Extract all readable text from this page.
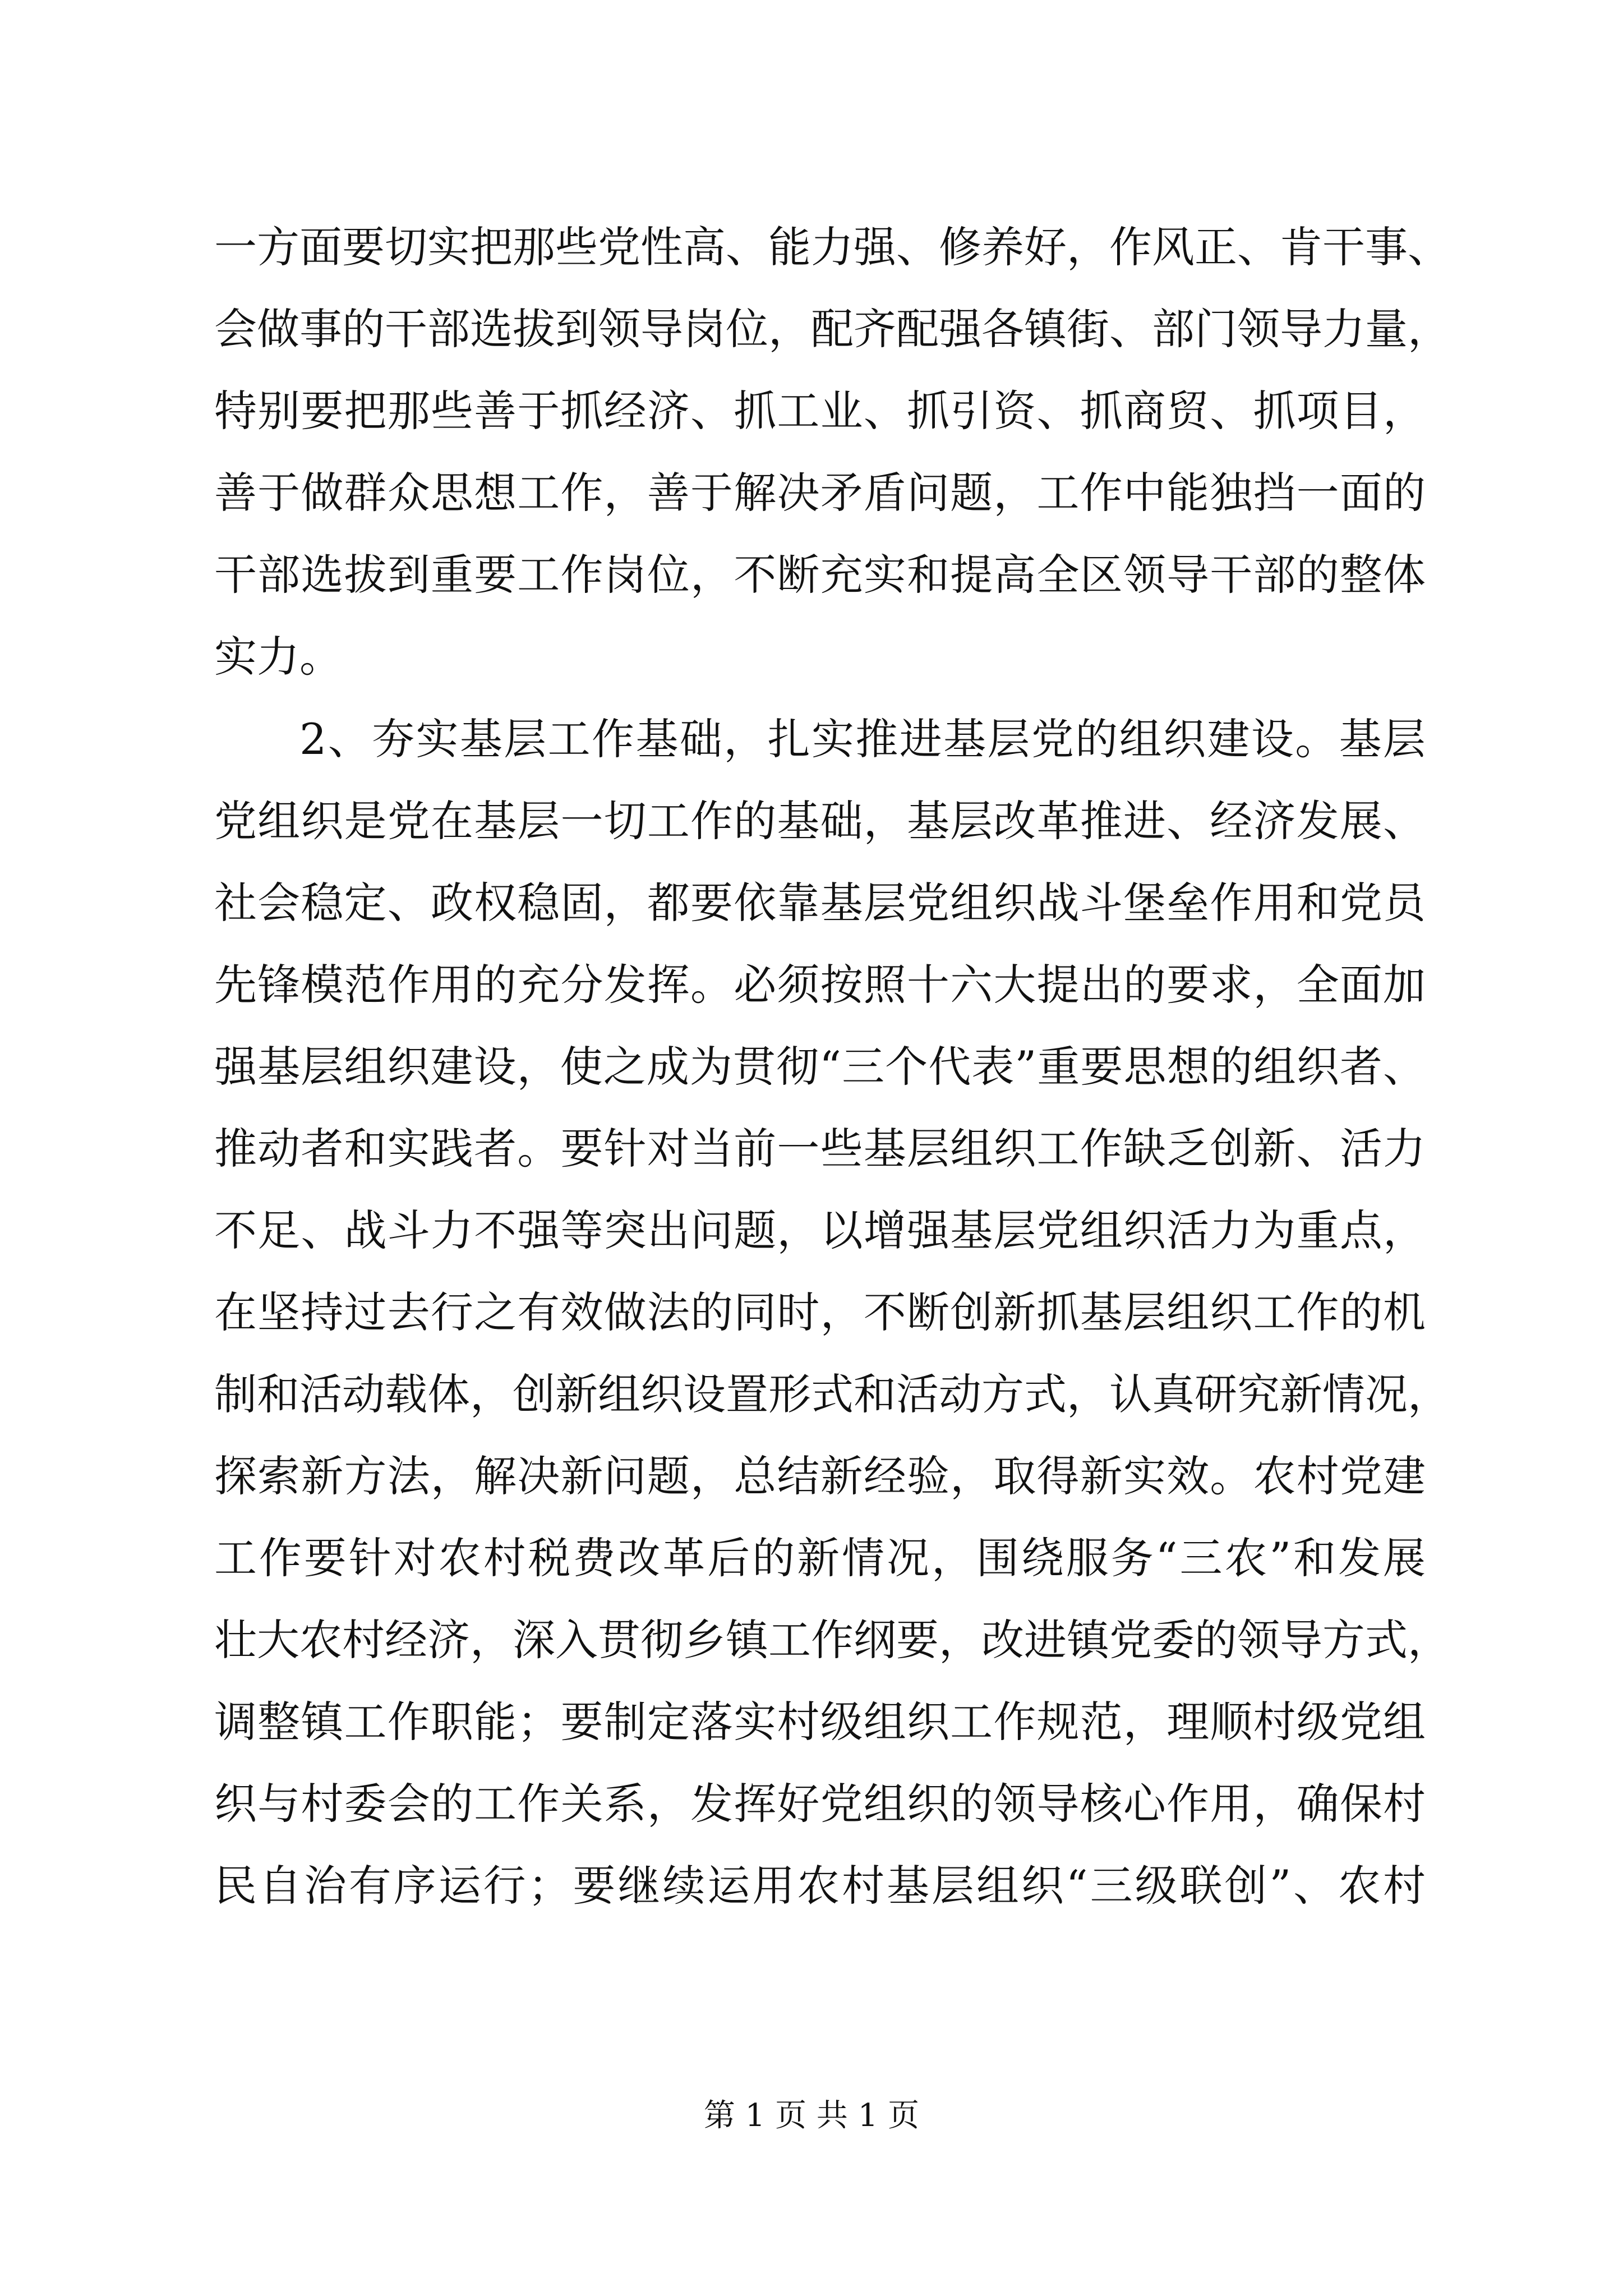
一方面要切实把那些党性高、能力强、修养好，作风正、肯干事、
会做事的干部选拔到领导岗位，配齐配强各镇街、部门领导力量，
特别要把那些善于抓经济、抓工业、抓引资、抓商贸、抓项目，
善于做群众思想工作，善于解决矛盾问题，工作中能独挡一面的
干部选拔到重要工作岗位，不断充实和提高全区领导干部的整体
实力。
2、夯实基层工作基础，扎实推进基层党的组织建设。基层
党组织是党在基层一切工作的基础，基层改革推进、经济发展、
社会稳定、政权稳固，都要依靠基层党组织战斗堡垒作用和党员
先锋模范作用的充分发挥。必须按照十六大提出的要求，全面加
强基层组织建设，使之成为贯彻“三个代表”重要思想的组织者、
推动者和实践者。要针对当前一些基层组织工作缺乏创新、活力
不足、战斗力不强等突出问题，以增强基层党组织活力为重点，
在坚持过去行之有效做法的同时，不断创新抓基层组织工作的机
制和活动载体，创新组织设置形式和活动方式，认真研究新情况，
探索新方法，解决新问题，总结新经验，取得新实效。农村党建
工作要针对农村税费改革后的新情况，围绕服务“三农”和发展
壮大农村经济，深入贯彻乡镇工作纲要，改进镇党委的领导方式，
调整镇工作职能；要制定落实村级组织工作规范，理顺村级党组
织与村委会的工作关系，发挥好党组织的领导核心作用，确保村
民自治有序运行；要继续运用农村基层组织“三级联创”、农村
第 1 页 共 1 页
